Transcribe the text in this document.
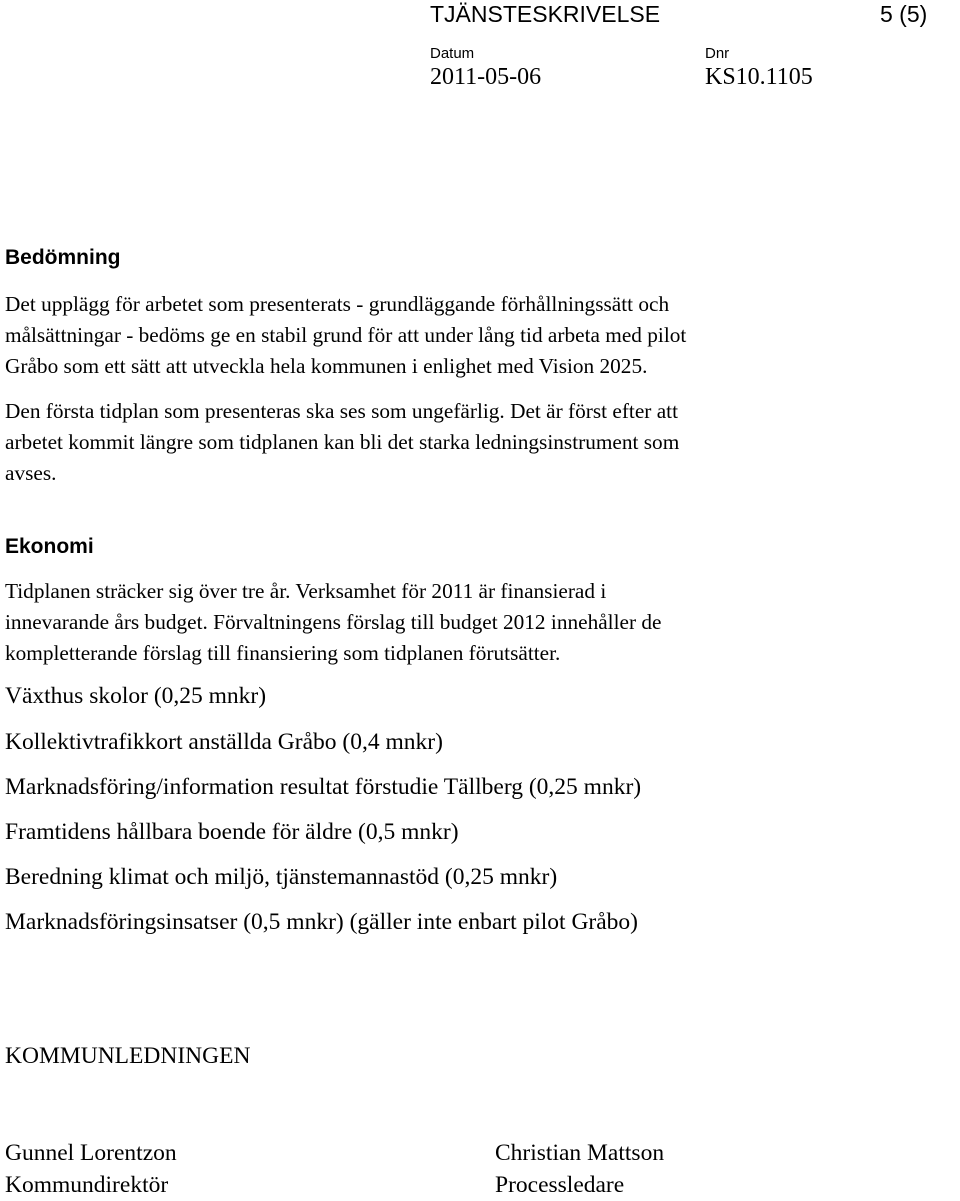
TJÄNSTESKRIVELSE	5 (5)
Datum
2011-05-06
Dnr
KS10.1105
Bedömning
Det upplägg för arbetet som presenterats - grundläggande förhållningssätt och
målsättningar - bedöms ge en stabil grund för att under lång tid arbeta med pilot
Gråbo som ett sätt att utveckla hela kommunen i enlighet med Vision 2025.
Den första tidplan som presenteras ska ses som ungefärlig. Det är först efter att
arbetet kommit längre som tidplanen kan bli det starka ledningsinstrument som
avses.
Ekonomi
Tidplanen sträcker sig över tre år. Verksamhet för 2011 är finansierad i
innevarande års budget. Förvaltningens förslag till budget 2012 innehåller de
kompletterande förslag till finansiering som tidplanen förutsätter.
Växthus skolor (0,25 mnkr)
Kollektivtrafikkort anställda Gråbo (0,4 mnkr)
Marknadsföring/information resultat förstudie Tällberg (0,25 mnkr)
Framtidens hållbara boende för äldre (0,5 mnkr)
Beredning klimat och miljö, tjänstemannastöd (0,25 mnkr)
Marknadsföringsinsatser (0,5 mnkr) (gäller inte enbart pilot Gråbo)
KOMMUNLEDNINGEN
Gunnel Lorentzon
Kommundirektör
Christian Mattson
Processledare
